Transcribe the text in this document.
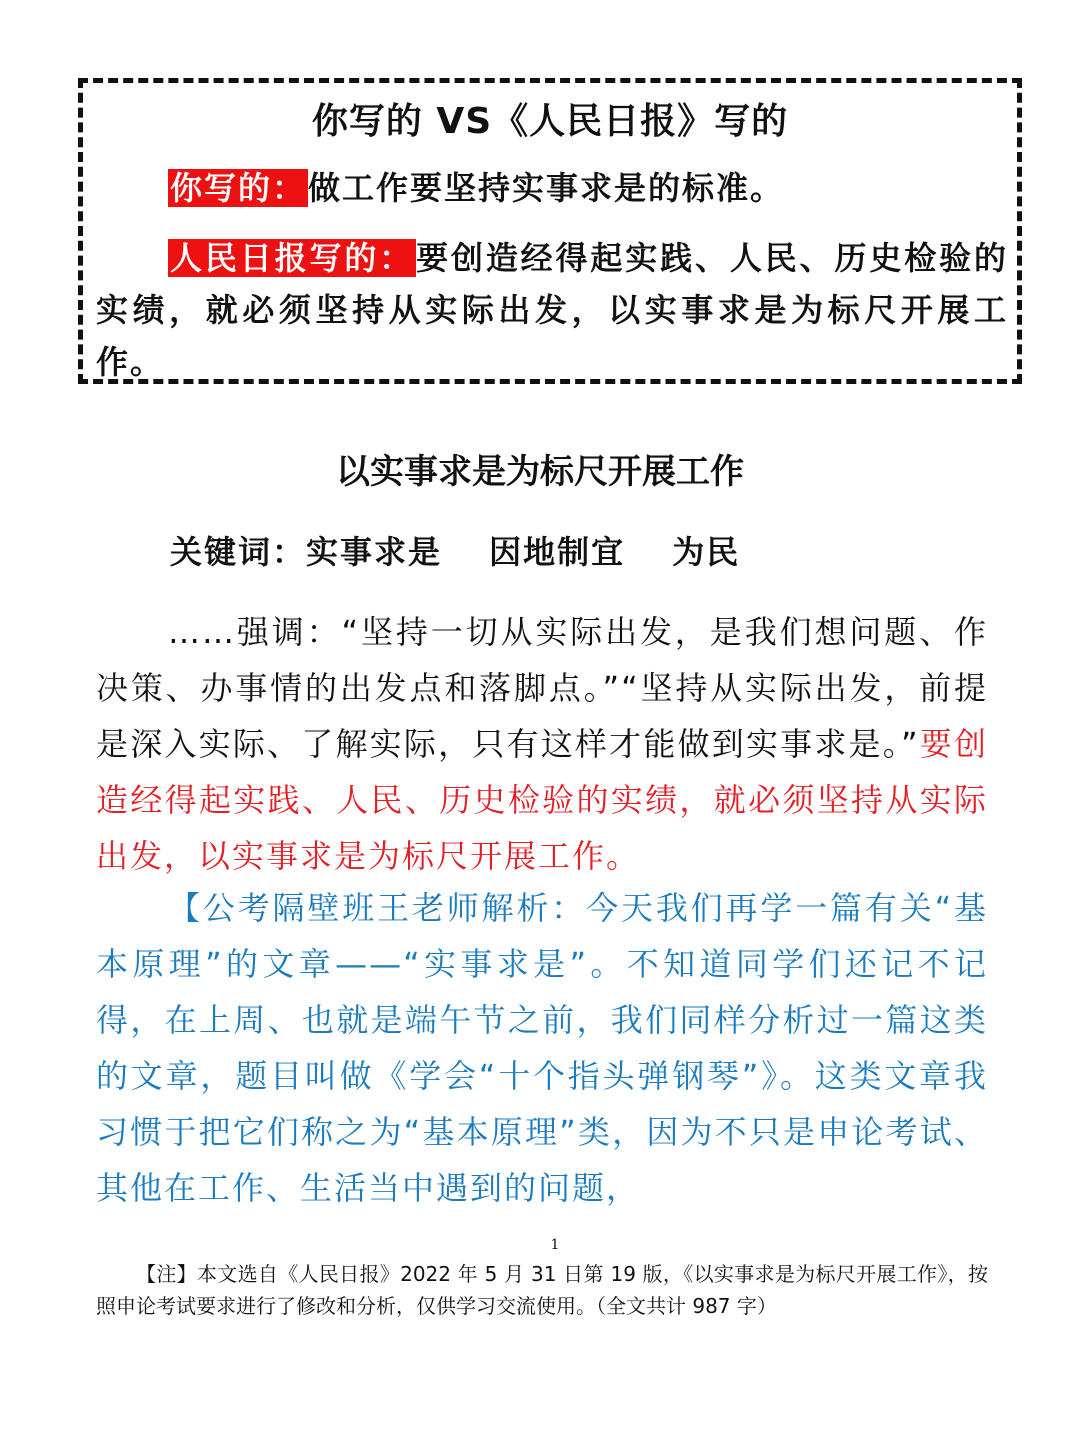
你写的 VS《人民日报》写的
你写的：做工作要坚持实事求是的标准。
人民日报写的：要创造经得起实践、人民、历史检验的实绩，就必须坚持从实际出发，以实事求是为标尺开展工作。
以实事求是为标尺开展工作
关键词：实事求是　 因地制宜　 为民
……强调：“坚持一切从实际出发，是我们想问题、作决策、办事情的出发点和落脚点。”“坚持从实际出发，前提是深入实际、了解实际，只有这样才能做到实事求是。”要创造经得起实践、人民、历史检验的实绩，就必须坚持从实际出发，以实事求是为标尺开展工作。
【公考隔壁班王老师解析：今天我们再学一篇有关“基本原理”的文章——“实事求是”。不知道同学们还记不记得，在上周、也就是端午节之前，我们同样分析过一篇这类的文章，题目叫做《学会“十个指头弹钢琴”》。这类文章我习惯于把它们称之为“基本原理”类，因为不只是申论考试、其他在工作、生活当中遇到的问题，
1
【注】本文选自《人民日报》2022 年 5 月 31 日第 19 版，《以实事求是为标尺开展工作》，按照申论考试要求进行了修改和分析，仅供学习交流使用。（全文共计 987 字）
